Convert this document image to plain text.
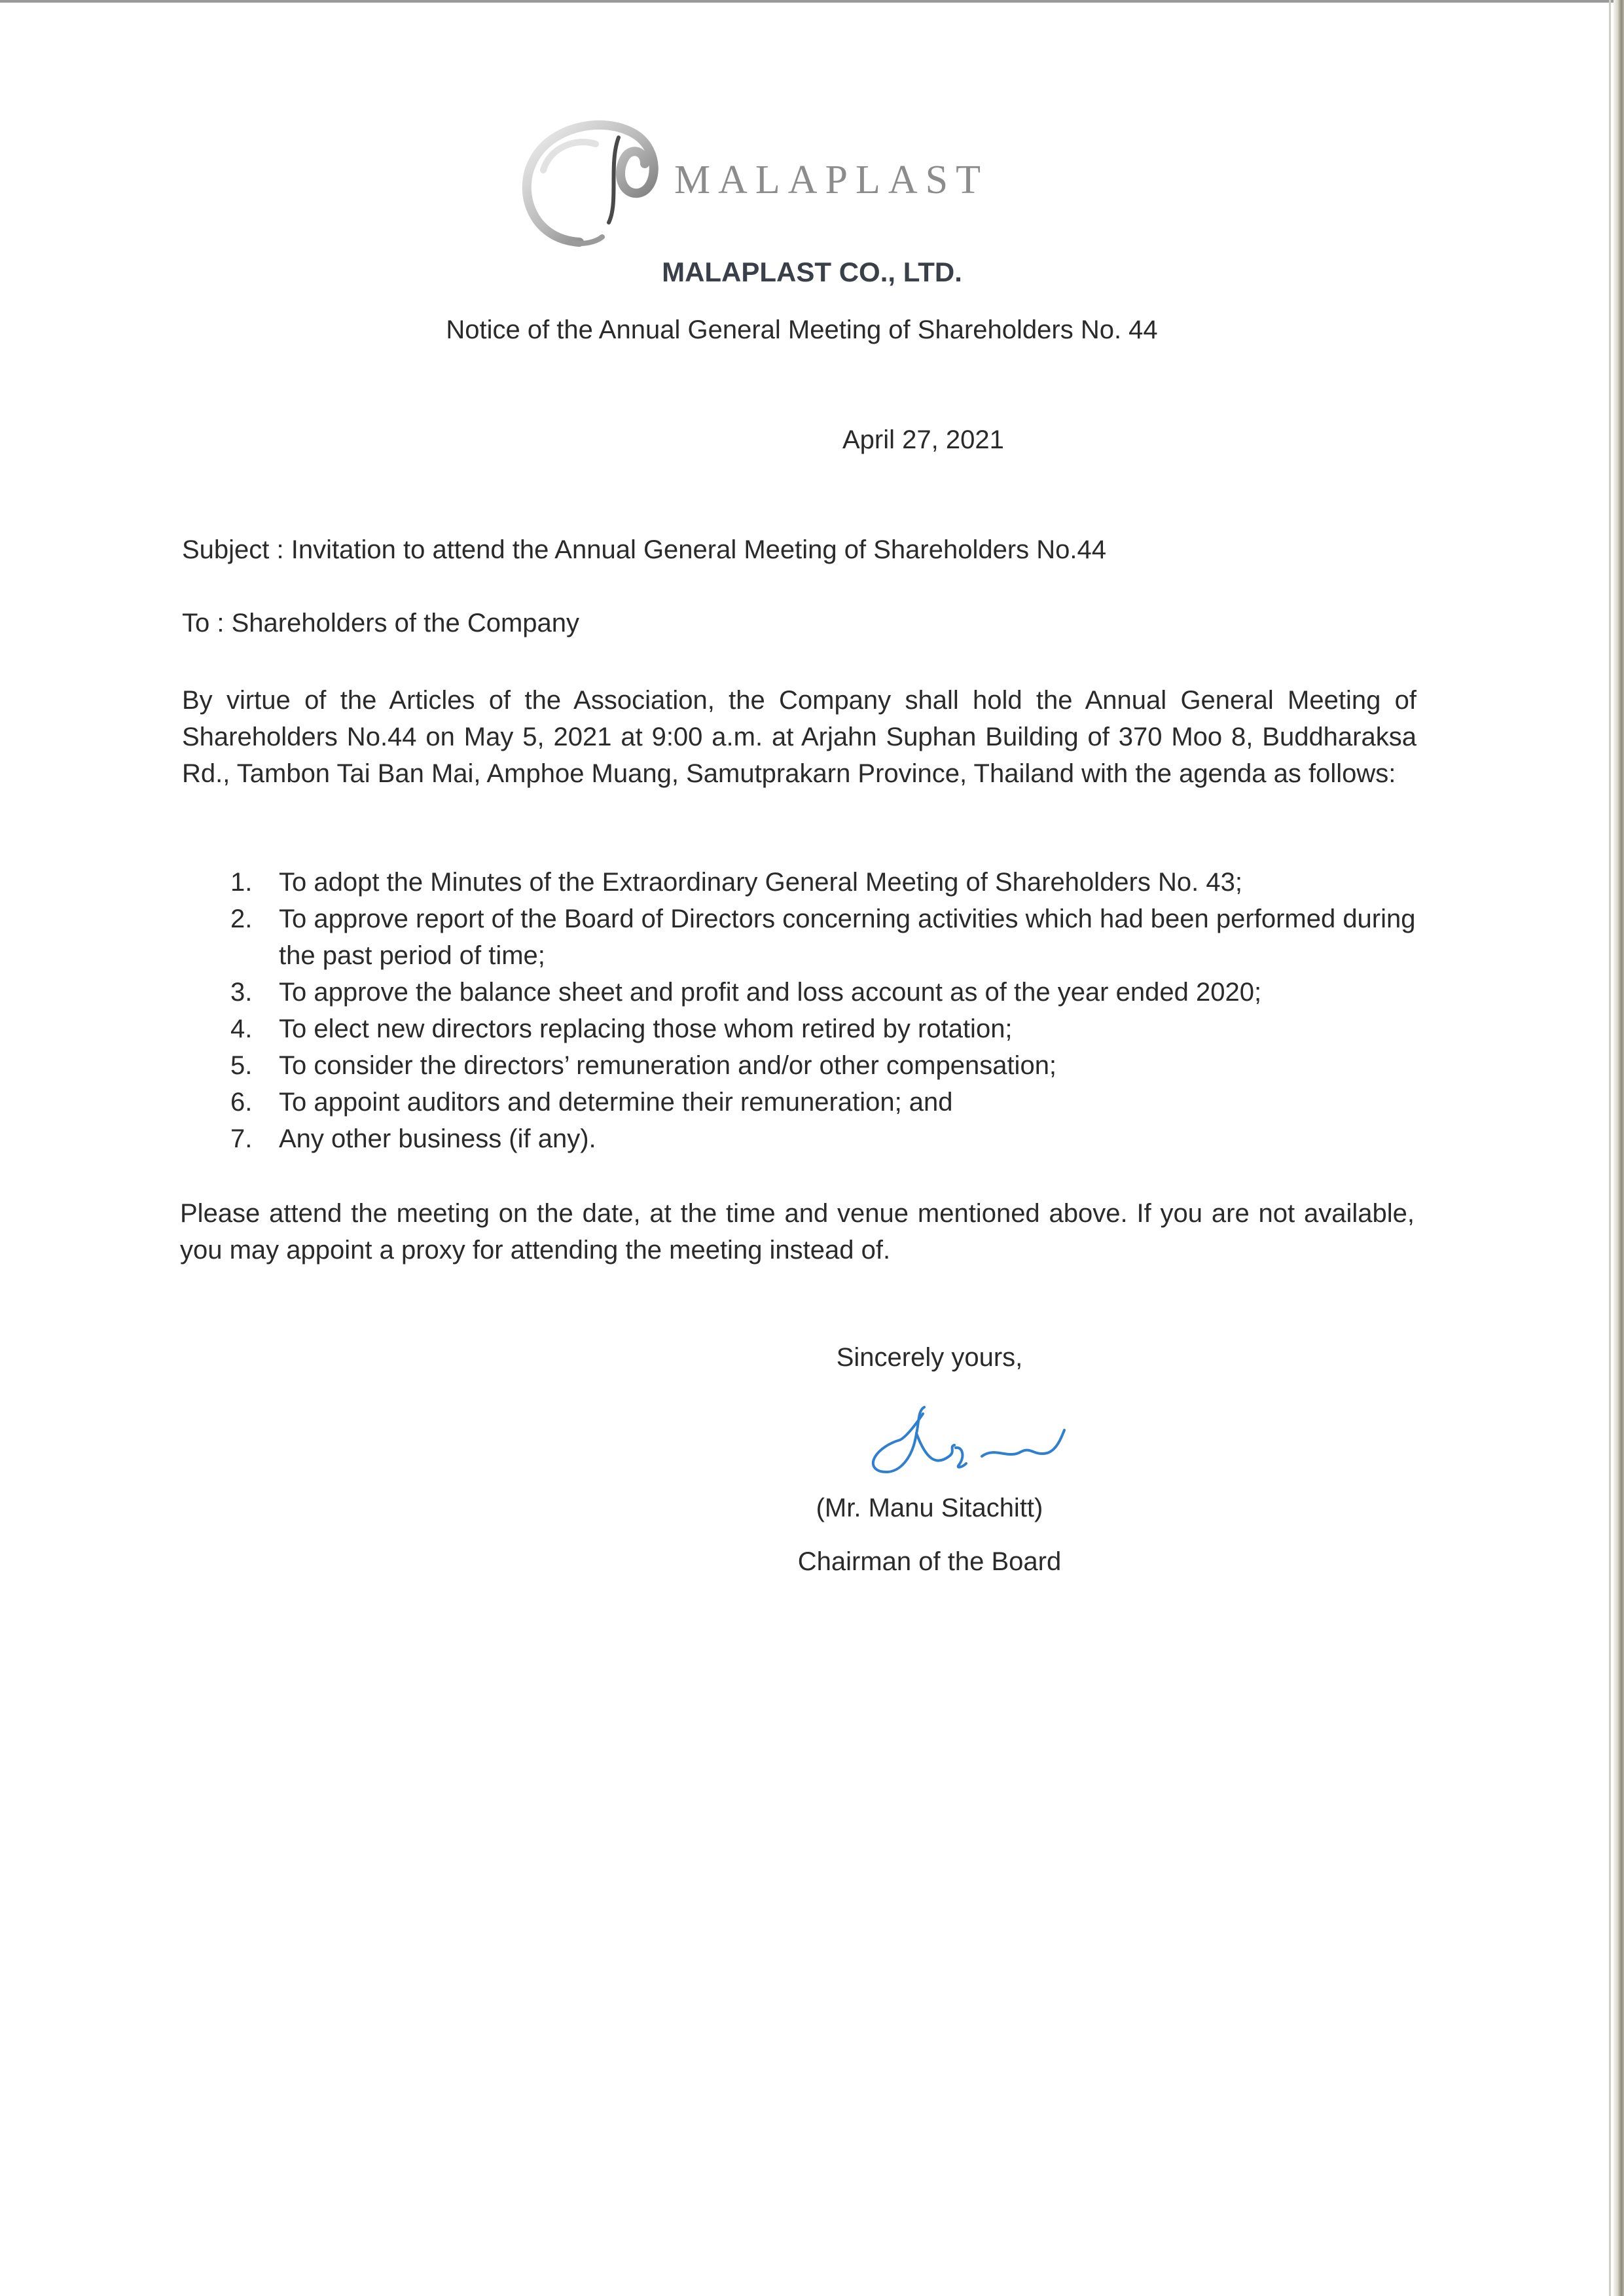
MALAPLAST
MALAPLAST CO., LTD.
Notice of the Annual General Meeting of Shareholders No. 44
April 27, 2021
Subject : Invitation to attend the Annual General Meeting of Shareholders No.44
To : Shareholders of the Company
By virtue of the Articles of the Association, the Company shall hold the Annual General Meeting of Shareholders No.44 on May 5, 2021 at 9:00 a.m. at Arjahn Suphan Building of 370 Moo 8, Buddharaksa Rd., Tambon Tai Ban Mai, Amphoe Muang, Samutprakarn Province, Thailand with the agenda as follows:
1. To adopt the Minutes of the Extraordinary General Meeting of Shareholders No. 43;
2. To approve report of the Board of Directors concerning activities which had been performed during the past period of time;
3. To approve the balance sheet and profit and loss account as of the year ended 2020;
4. To elect new directors replacing those whom retired by rotation;
5. To consider the directors’ remuneration and/or other compensation;
6. To appoint auditors and determine their remuneration; and
7. Any other business (if any).
Please attend the meeting on the date, at the time and venue mentioned above. If you are not available, you may appoint a proxy for attending the meeting instead of.
Sincerely yours,
(Mr. Manu Sitachitt)
Chairman of the Board
